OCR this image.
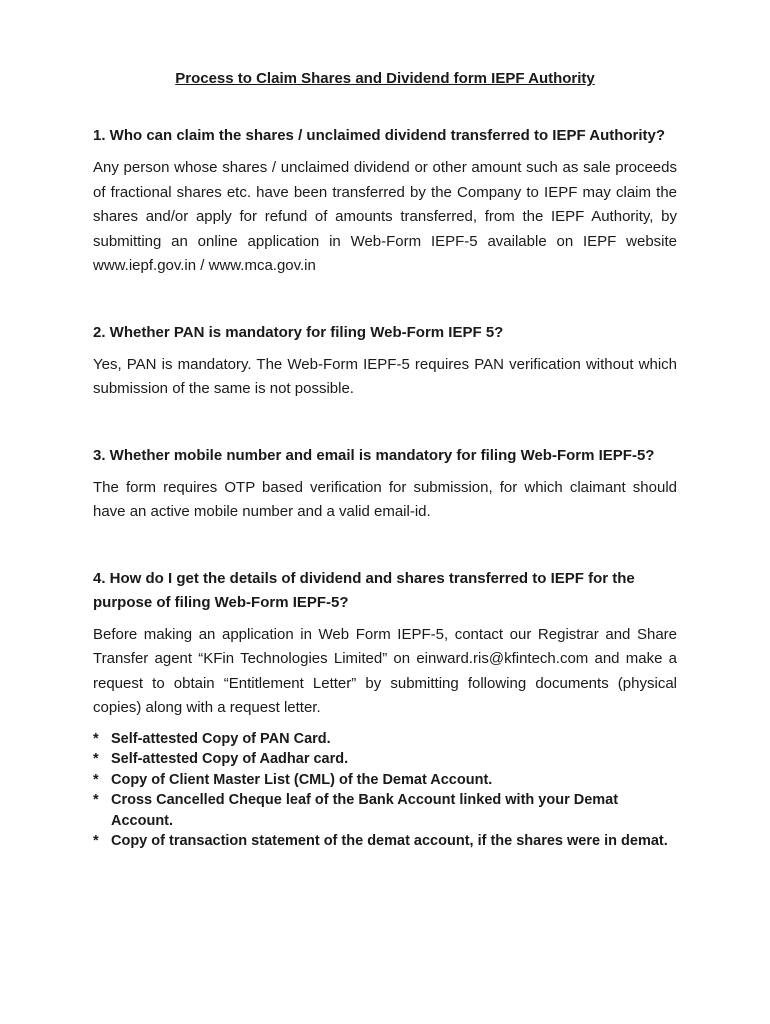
Process to Claim Shares and Dividend form IEPF Authority

1. Who can claim the shares / unclaimed dividend transferred to IEPF Authority?

Any person whose shares / unclaimed dividend or other amount such as sale proceeds of fractional shares etc. have been transferred by the Company to IEPF may claim the shares and/or apply for refund of amounts transferred, from the IEPF Authority, by submitting an online application in Web-Form IEPF-5 available on IEPF website www.iepf.gov.in / www.mca.gov.in

2. Whether PAN is mandatory for filing Web-Form IEPF 5?

Yes, PAN is mandatory. The Web-Form IEPF-5 requires PAN verification without which submission of the same is not possible.

3. Whether mobile number and email is mandatory for filing Web-Form IEPF-5?

The form requires OTP based verification for submission, for which claimant should have an active mobile number and a valid email-id.

4. How do I get the details of dividend and shares transferred to IEPF for the purpose of filing Web-Form IEPF-5?

Before making an application in Web Form IEPF-5, contact our Registrar and Share Transfer agent “KFin Technologies Limited” on einward.ris@kfintech.com and make a request to obtain “Entitlement Letter” by submitting following documents (physical copies) along with a request letter.

* Self-attested Copy of PAN Card.
* Self-attested Copy of Aadhar card.
* Copy of Client Master List (CML) of the Demat Account.
* Cross Cancelled Cheque leaf of the Bank Account linked with your Demat Account.
* Copy of transaction statement of the demat account, if the shares were in demat.
